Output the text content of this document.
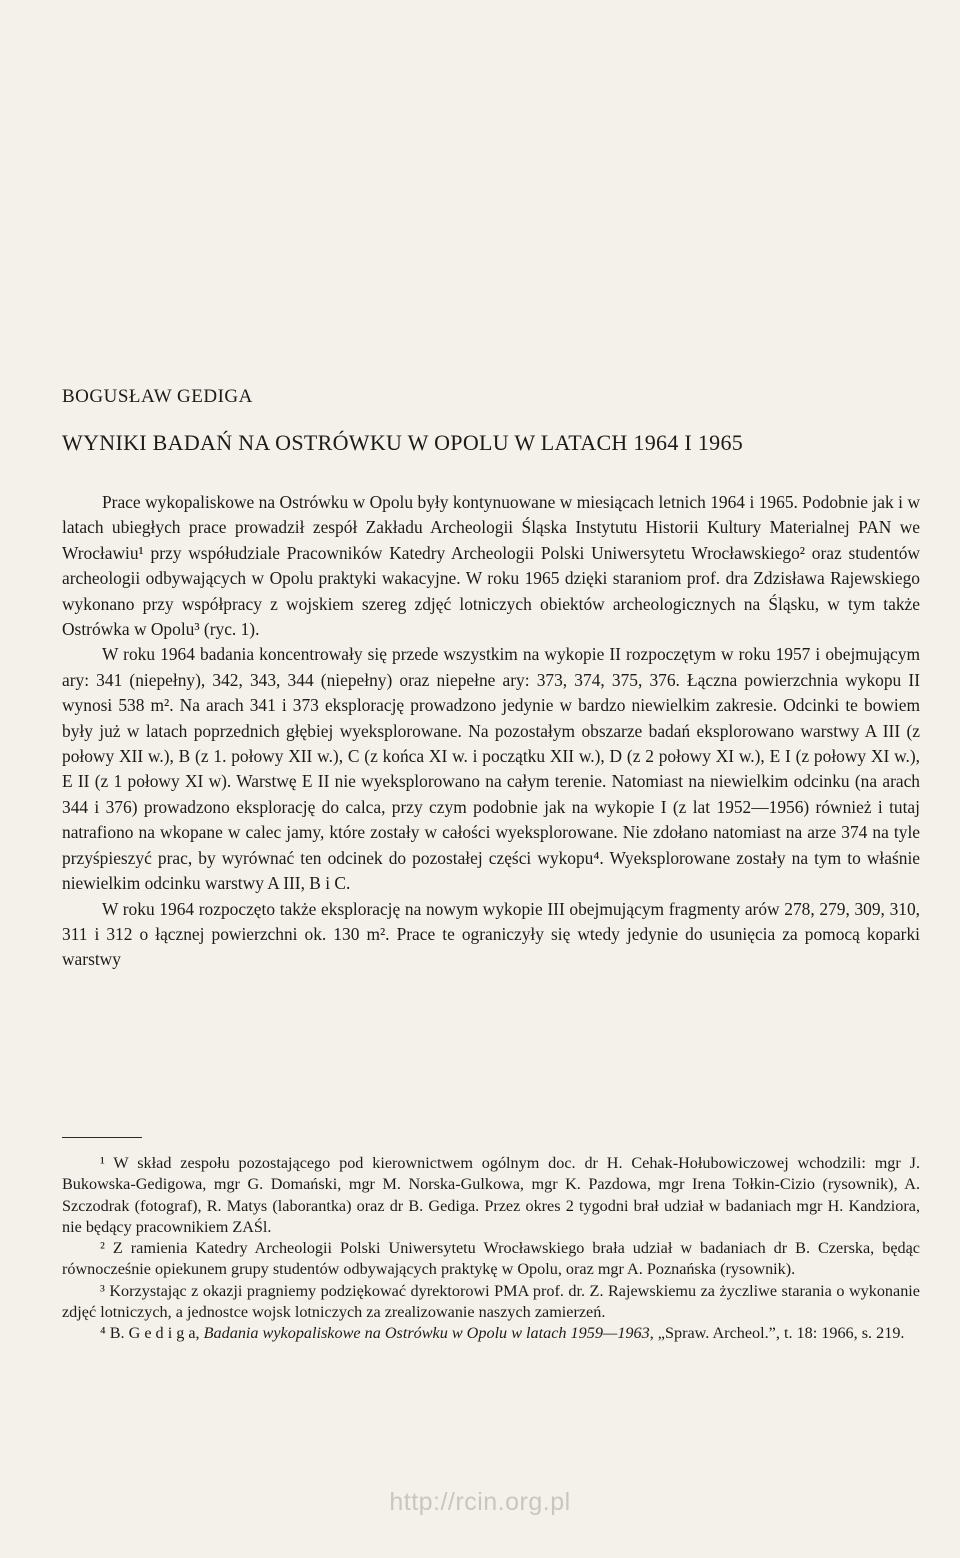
BOGUSŁAW GEDIGA
WYNIKI BADAŃ NA OSTRÓWKU W OPOLU W LATACH 1964 I 1965

Prace wykopaliskowe na Ostrówku w Opolu były kontynuowane w miesiącach letnich 1964 i 1965. Podobnie jak i w latach ubiegłych prace prowadził zespół Zakładu Archeologii Śląska Instytutu Historii Kultury Materialnej PAN we Wrocławiu¹ przy współudziale Pracowników Katedry Archeologii Polski Uniwersytetu Wrocławskiego² oraz studentów archeologii odbywających w Opolu praktyki wakacyjne. W roku 1965 dzięki staraniom prof. dra Zdzisława Rajewskiego wykonano przy współpracy z wojskiem szereg zdjęć lotniczych obiektów archeologicznych na Śląsku, w tym także Ostrówka w Opolu³ (ryc. 1).

W roku 1964 badania koncentrowały się przede wszystkim na wykopie II rozpoczętym w roku 1957 i obejmującym ary: 341 (niepełny), 342, 343, 344 (niepełny) oraz niepełne ary: 373, 374, 375, 376. Łączna powierzchnia wykopu II wynosi 538 m². Na arach 341 i 373 eksplorację prowadzono jedynie w bardzo niewielkim zakresie. Odcinki te bowiem były już w latach poprzednich głębiej wyeksplorowane. Na pozostałym obszarze badań eksplorowano warstwy A III (z połowy XII w.), B (z 1. połowy XII w.), C (z końca XI w. i początku XII w.), D (z 2 połowy XI w.), E I (z połowy XI w.), E II (z 1 połowy XI w). Warstwę E II nie wyeksplorowano na całym terenie. Natomiast na niewielkim odcinku (na arach 344 i 376) prowadzono eksplorację do calca, przy czym podobnie jak na wykopie I (z lat 1952—1956) również i tutaj natrafiono na wkopane w calec jamy, które zostały w całości wyeksplorowane. Nie zdołano natomiast na arze 374 na tyle przyśpieszyć prac, by wyrównać ten odcinek do pozostałej części wykopu⁴. Wyeksplorowane zostały na tym to właśnie niewielkim odcinku warstwy A III, B i C.

W roku 1964 rozpoczęto także eksplorację na nowym wykopie III obejmującym fragmenty arów 278, 279, 309, 310, 311 i 312 o łącznej powierzchni ok. 130 m². Prace te ograniczyły się wtedy jedynie do usunięcia za pomocą koparki warstwy

¹ W skład zespołu pozostającego pod kierownictwem ogólnym doc. dr H. Cehak-Hołubowiczowej wchodzili: mgr J. Bukowska-Gedigowa, mgr G. Domański, mgr M. Norska-Gulkowa, mgr K. Pazdowa, mgr Irena Tołkin-Cizio (rysownik), A. Szczodrak (fotograf), R. Matys (laborantka) oraz dr B. Gediga. Przez okres 2 tygodni brał udział w badaniach mgr H. Kandziora, nie będący pracownikiem ZAŚl.

² Z ramienia Katedry Archeologii Polski Uniwersytetu Wrocławskiego brała udział w badaniach dr B. Czerska, będąc równocześnie opiekunem grupy studentów odbywających praktykę w Opolu, oraz mgr A. Poznańska (rysownik).

³ Korzystając z okazji pragniemy podziękować dyrektorowi PMA prof. dr. Z. Rajewskiemu za życzliwe starania o wykonanie zdjęć lotniczych, a jednostce wojsk lotniczych za zrealizowanie naszych zamierzeń.

⁴ B. G e d i g a, Badania wykopaliskowe na Ostrówku w Opolu w latach 1959—1963, „Spraw. Archeol.”, t. 18: 1966, s. 219.

http://rcin.org.pl
